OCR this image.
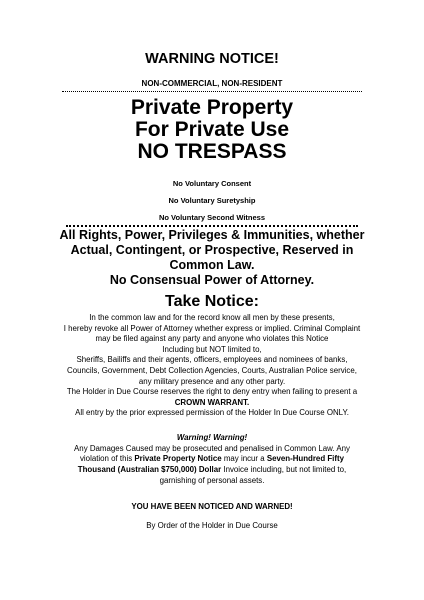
WARNING NOTICE!
NON-COMMERCIAL, NON-RESIDENT
Private Property
For Private Use
NO TRESPASS
No Voluntary Consent
No Voluntary Suretyship
No Voluntary Second Witness
All Rights, Power, Privileges & Immunities, whether
Actual, Contingent, or Prospective, Reserved in
Common Law.
No Consensual Power of Attorney.
Take Notice:
In the common law and for the record know all men by these presents,
I hereby revoke all Power of Attorney whether express or implied. Criminal Complaint
may be filed against any party and anyone who violates this Notice
Including but NOT limited to,
Sheriffs, Bailiffs and their agents, officers, employees and nominees of banks,
Councils, Government, Debt Collection Agencies, Courts, Australian Police service,
any military presence and any other party.
The Holder in Due Course reserves the right to deny entry when failing to present a
CROWN WARRANT.
All entry by the prior expressed permission of the Holder In Due Course ONLY.
Warning! Warning!
Any Damages Caused may be prosecuted and penalised in Common Law. Any
violation of this Private Property Notice may incur a Seven-Hundred Fifty
Thousand (Australian $750,000) Dollar Invoice including, but not limited to,
garnishing of personal assets.
YOU HAVE BEEN NOTICED AND WARNED!
By Order of the Holder in Due Course
